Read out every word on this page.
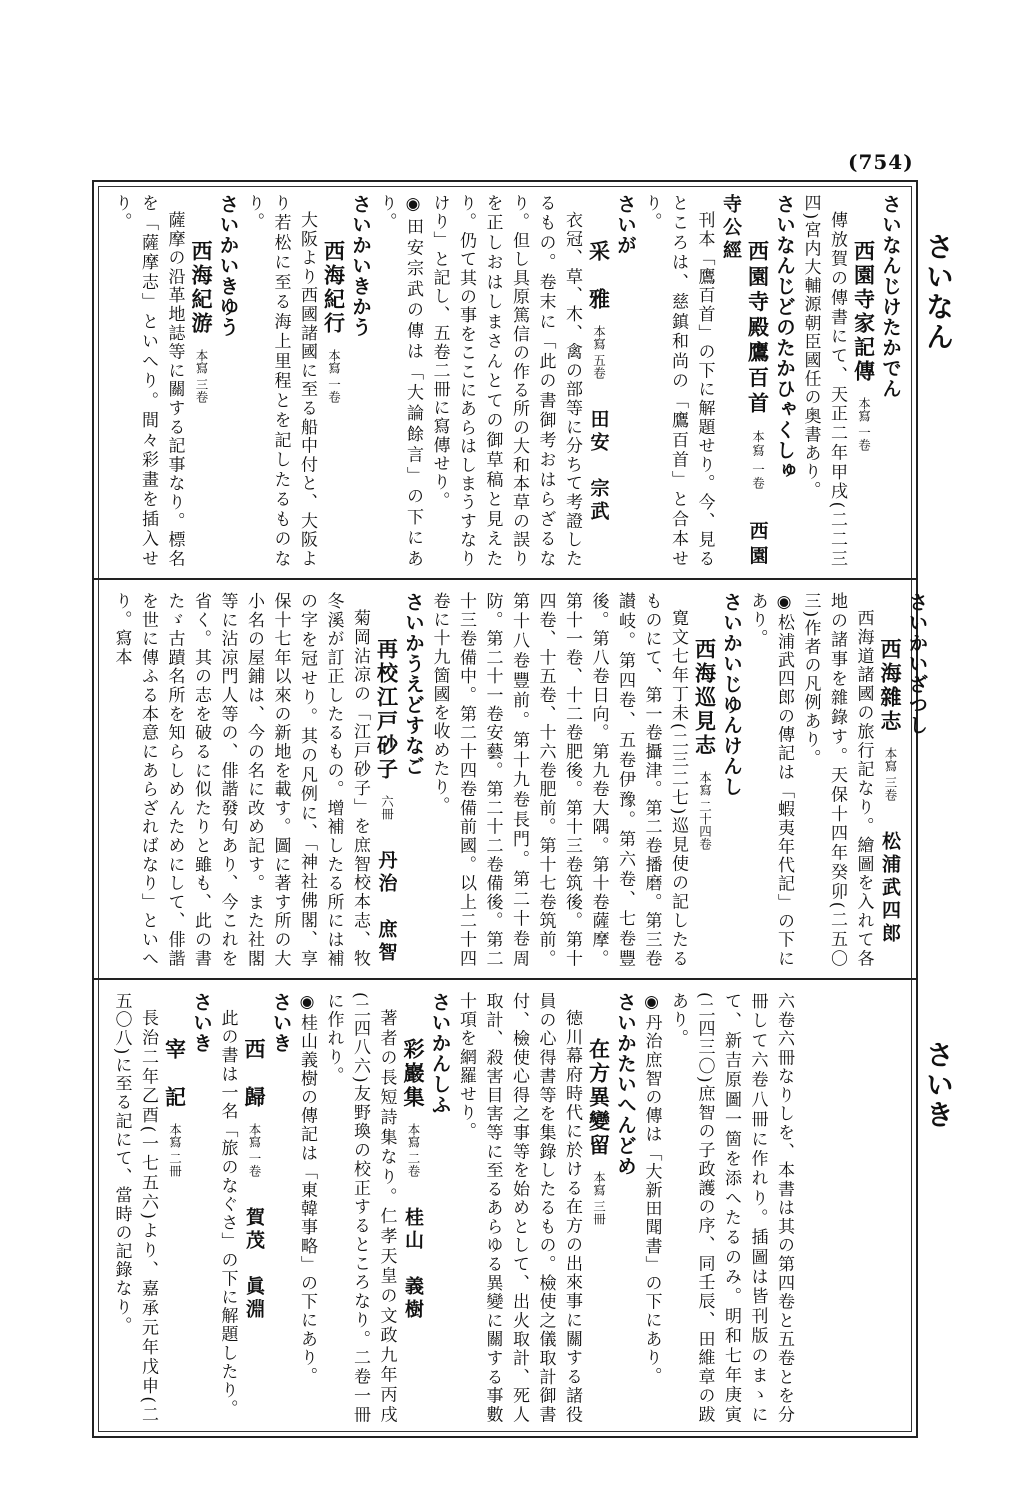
(754)
さいなん
さいき
さいなんじけたかでん
西園寺家記傳本寫 一卷
傳放賀の傳書にて、天正二年甲戌(二二三四)宮内大輔源朝臣國任の奥書あり。
さいなんじどのたかひゃくしゅ
西園寺殿鷹百首本寫 一卷西園寺公經
刊本「鷹百首」の下に解題せり。今、見るところは、慈鎮和尚の「鷹百首」と合本せり。
さいが
采　雅本寫 五卷田安　宗武
衣冠、草、木、禽の部等に分ちて考證したるもの。卷末に「此の書御考おはらざるなり。但し具原篤信の作る所の大和本草の誤りを正しおはしまさんとての御草稿と見えたり。仍て其の事をここにあらはしまうすなりけり」と記し、五卷二冊に寫傳せり。
◉田安宗武の傳は「大論餘言」の下にあり。
さいかいきかう
西海紀行本寫 一卷
大阪より西國諸國に至る船中付と、大阪より若松に至る海上里程とを記したるものなり。
さいかいきゆう
西海紀游本寫 三卷
薩摩の沿革地誌等に關する記事なり。標名を「薩摩志」といへり。間々彩畫を插入せり。
さいかいざつし
西海雜志本寫 三卷松浦武四郎
西海道諸國の旅行記なり。繪圖を入れて各地の諸事を雜錄す。天保十四年癸卯(二五〇三)作者の凡例あり。
◉松浦武四郎の傳記は「蝦夷年代記」の下にあり。
さいかいじゆんけんし
西海巡見志本寫 二十四卷
寛文七年丁未(二三二七)巡見使の記したるものにて、第一卷攝津。第二卷播磨。第三卷讃岐。第四卷、五卷伊豫。第六卷、七卷豐後。第八卷日向。第九卷大隅。第十卷薩摩。第十一卷、十二卷肥後。第十三卷筑後。第十四卷、十五卷、十六卷肥前。第十七卷筑前。第十八卷豐前。第十九卷長門。第二十卷周防。第二十一卷安藝。第二十二卷備後。第二十三卷備中。第二十四卷備前國。以上二十四卷に十九箇國を收めたり。
さいかうえどすなご
再校江戸砂子六冊丹治　庶智
菊岡沾凉の「江戸砂子」を庶智校本志、牧冬溪が訂正したるもの。增補したる所には補の字を冠せり。其の凡例に、「神社佛閣、享保十七年以來の新地を載す。圖に著す所の大小名の屋鋪は、今の名に改め記す。また社閣等に沾凉門人等の、俳諧發句あり、今これを省く。其の志を破るに似たりと雖も、此の書たゞ古蹟名所を知らしめんためにして、俳諧を世に傳ふる本意にあらざればなり」といへり。寫本
六卷六冊なりしを、本書は其の第四卷と五卷とを分冊して六卷八冊に作れり。插圖は皆刊版のまゝにて、新吉原圖一箇を添へたるのみ。明和七年庚寅(二四三〇)庶智の子政護の序、同壬辰、田維章の跋あり。
◉丹治庶智の傳は「大新田聞書」の下にあり。
さいかたいへんどめ
在方異變留本寫 三冊
徳川幕府時代に於ける在方の出來事に關する諸役員の心得書等を集錄したるもの。檢使之儀取計御書付、檢使心得之事等を始めとして、出火取計、死人取計、殺害目害等に至るあらゆる異變に關する事數十項を網羅せり。
さいかんしふ
彩巖集本寫 二卷桂山　義樹
著者の長短詩集なり。仁孝天皇の文政九年丙戌(二四八六)友野瑍の校正するところなり。二卷一冊に作れり。
◉桂山義樹の傳記は「東韓事略」の下にあり。
さいき
西　歸本寫 一卷賀茂　眞淵
此の書は一名「旅のなぐさ」の下に解題したり。
さいき
宰　記本寫 二冊
長治二年乙酉(一七五六)より、嘉承元年戊申(二五〇八)に至る記にて、當時の記錄なり。
